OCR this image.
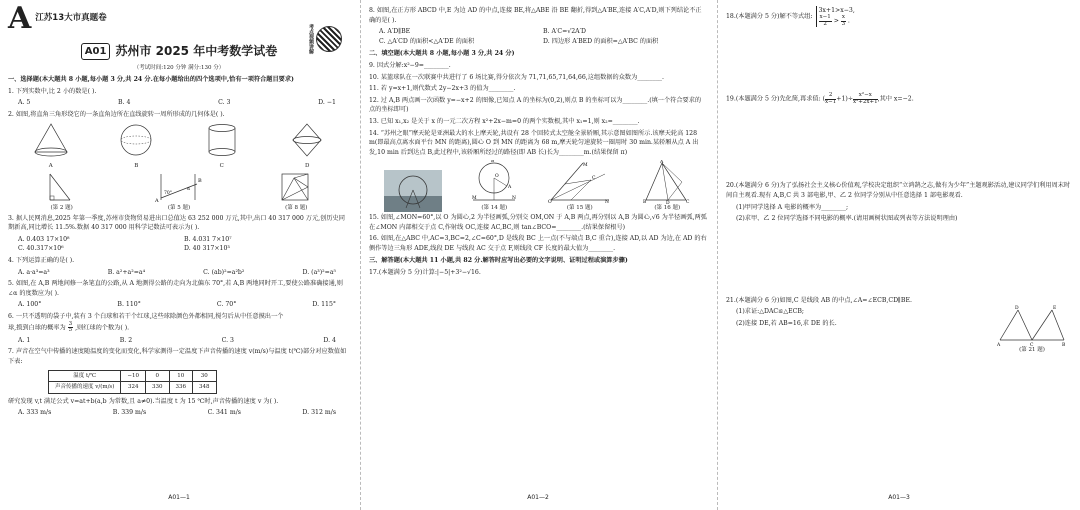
A 江苏13大市真题卷
A01 苏州市 2025 年中考数学试卷	考点视频讲解
（考试时间:120 分钟 满分:130 分）
一、选择题(本大题共 8 小题,每小题 3 分,共 24 分.在每小题给出的四个选项中,恰有一项符合题目要求)
1. 下列实数中,比 2 小的数是( ).
A. 5	B. 4	C. 3	D. −1
2. 如图,将直角三角形绕它的一条直角边所在直线旋转一周所形成的几何体是( ).
A	B	C	D
(第 2 题)
A
B
70°
α
(第 5 题)	(第 8 题)
3. 据人民网消息,2025 年第一季度,苏州市货物贸易进出口总值达 63 252 000 万元,其中,出口 40 317 000 万元,创历史同期新高,同比增长 11.5%.数据 40 317 000 用科学记数法可表示为( ).
A. 0.403 17×10⁸	B. 4.031 7×10⁷
C. 40.317×10⁶	D. 40 317×10³
4. 下列运算正确的是( ).
A. a·a³=a³	B. a²+a²=a⁴	C. (ab)²=a²b²	D. (a³)²=a⁵
5. 如图,在 A,B 两地间修一条笔直的公路,从 A 地测得公路的走向为北偏东 70°,若 A,B 两地同时开工,要使公路准确接通,则∠α 的度数应为( ).
A. 100°	B. 110°	C. 70°	D. 115°
6. 一只不透明的袋子中,装有 3 个白球和若干个红球,这些球除颜色外都相同,搅匀后从中任意摸出一个
球,摸到白球的概率为 $\frac{3}{5}$ ,则红球的个数为( ).
A. 1	B. 2	C. 3	D. 4
7. 声音在空气中传播的速度随温度的变化而变化,科学家测得一定温度下声音传播的速度 v(m/s)与温度 t(℃)部分对应数值如下表:
温度 t/℃	−10	0	10	30
声音传播的速度 v/(m/s)	324	330	336	348
研究发现 v,t 满足公式 v=at+b(a,b 为常数,且 a≠0).当温度 t 为 15 ℃时,声音传播的速度 v 为( ).
A. 333 m/s	B. 339 m/s	C. 341 m/s	D. 312 m/s
A01—1
8. 如图,在正方形 ABCD 中,E 为边 AD 的中点,连接 BE,将△ABE 沿 BE 翻折,得到△A′BE,连接 A′C,A′D,则下列结论不正确的是( ).
A. A′D∥BE	B. A′C=√2A′D
C. △A′CD 的面积<△A′DE 的面积	D. 四边形 A′BED 的面积=△A′BC 的面积
二、填空题(本大题共 8 小题,每小题 3 分,共 24 分)
9. 因式分解:x²−9=________.
10. 某篮球队在一次联赛中共进行了 6 场比赛,得分依次为 71,71,65,71,64,66,这组数据的众数为________.
11. 若 y=x+1,则代数式 2y−2x+3 的值为________.
12. 过 A,B 两点画一次函数 y=−x+2 的图像,已知点 A 的坐标为(0,2),则点 B 的坐标可以为________.(填一个符合要求的点的坐标即可)
13. 已知 x₁,x₂ 是关于 x 的一元二次方程 x²+2x−m=0 的两个实数根,其中 x₁=1,则 x₂=________.
14. “苏州之眼”摩天轮是亚洲最大的水上摩天轮,共设有 28 个回转式太空舱全景轿厢,其示意图如图所示.该摩天轮高 128 m(即最高点离水面平台 MN 的距离),圆心 O 到 MN 的距离为 68 m,摩天轮匀速旋转一圈用时 30 min.某轿厢从点 A 出发,10 min 后到达点 B,此过程中,该轿厢所经过的路径(即 AB 长)长为________m.(结果保留 π)
M	N
O
A
B
(第 14 题)
O	N
M
C
(第 15 题)
A
B	D	C
(第 16 题)
15. 如图,∠MON=60°,以 O 为圆心,2 为半径画弧,分别交 OM,ON 于 A,B 两点,再分别以 A,B 为圆心,√6 为半径画弧,两弧在∠MON 内部相交于点 C,作射线 OC,连接 AC,BC,则 tan∠BCO=________.(结果保留根号)
16. 如图,在△ABC 中,AC=3,BC=2,∠C=60°,D 是线段 BC 上一点(不与端点 B,C 重合),连接 AD,以 AD 为边,在 AD 的右侧作等边三角形 ADE,线段 DE 与线段 AC 交于点 F,则线段 CF 长度的最大值为________.
三、解答题(本大题共 11 小题,共 82 分.解答时应写出必要的文字说明、证明过程或演算步骤)
17.(本题满分 5 分)计算:|−5|+3²−√16.
A01—2
18.(本题满分 5 分)解不等式组:
3x+1>x−3,
$\frac{x-1}{2} > \frac{x}{3}$ .
19.(本题满分 5 分)先化简,再求值: ( $\frac{2}{x-1} +1)\div \frac{\text{x²−x}}{\text{x²+2x+1}}$ ,其中 x=−2.
20.(本题满分 6 分)为了弘扬社会主义核心价值观,学校决定组织“立鸿鹄之志,做有为少年”主题观影活动,建议同学们利用周末时间自主观看.现有 A,B,C 共 3 部电影,甲、乙 2 位同学分别从中任意选择 1 部电影观看.
(1)甲同学选择 A 电影的概率为________;
(2)求甲、乙 2 位同学选择不同电影的概率.(请用画树状图或列表等方法说明理由)
21.(本题满分 6 分)如图,C 是线段 AB 的中点,∠A=∠ECB,CD∥BE.
(1)求证:△DAC≌△ECB;
(2)连接 DE,若 AB=16,求 DE 的长.
D	E
A	C	B
(第 21 题)
A01—3
